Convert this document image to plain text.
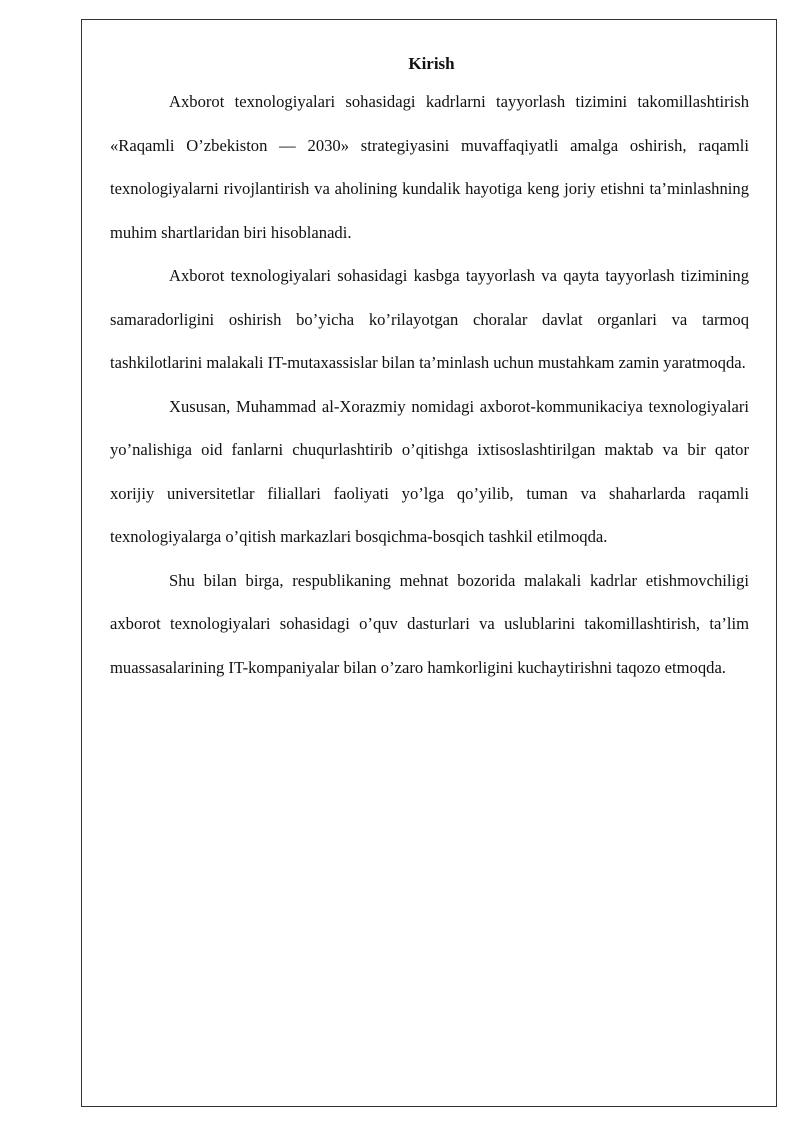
Kirish

Axborot texnologiyalari sohasidagi kadrlarni tayyorlash tizimini takomillashtirish «Raqamli O’zbekiston — 2030» strategiyasini muvaffaqiyatli amalga oshirish, raqamli texnologiyalarni rivojlantirish va aholining kundalik hayotiga keng joriy etishni ta’minlashning muhim shartlaridan biri hisoblanadi.

Axborot texnologiyalari sohasidagi kasbga tayyorlash va qayta tayyorlash tizimining samaradorligini oshirish bo’yicha ko’rilayotgan choralar davlat organlari va tarmoq tashkilotlarini malakali IT-mutaxassislar bilan ta’minlash uchun mustahkam zamin yaratmoqda.

Xususan, Muhammad al-Xorazmiy nomidagi axborot-kommunikaciya texnologiyalari yo’nalishiga oid fanlarni chuqurlashtirib o’qitishga ixtisoslashtirilgan maktab va bir qator xorijiy universitetlar filiallari faoliyati yo’lga qo’yilib, tuman va shaharlarda raqamli texnologiyalarga o’qitish markazlari bosqichma-bosqich tashkil etilmoqda.

Shu bilan birga, respublikaning mehnat bozorida malakali kadrlar etishmovchiligi axborot texnologiyalari sohasidagi o’quv dasturlari va uslublarini takomillashtirish, ta’lim muassasalarining IT-kompaniyalar bilan o’zaro hamkorligini kuchaytirishni taqozo etmoqda.
